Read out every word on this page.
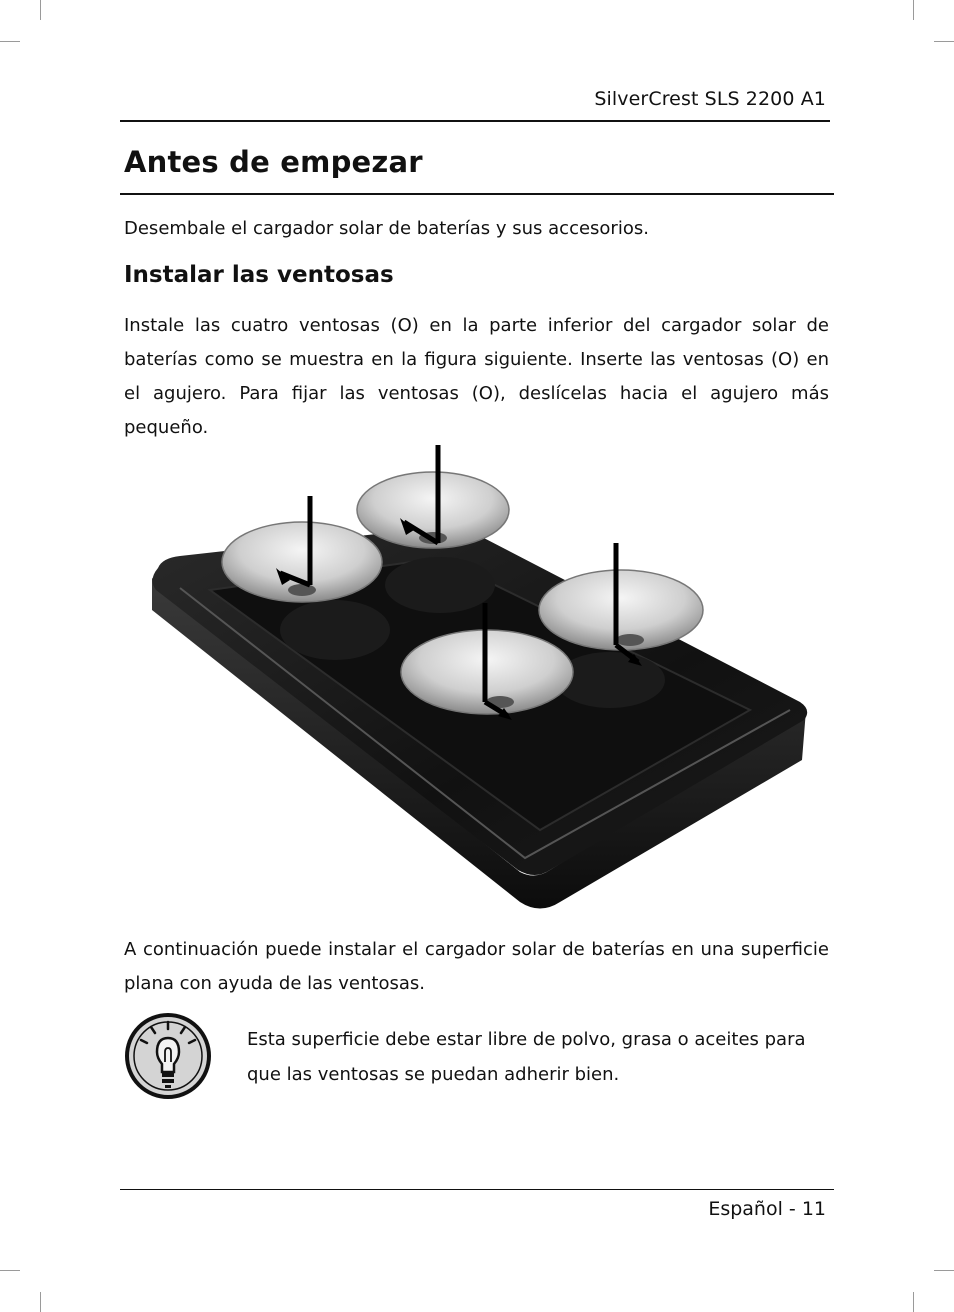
SilverCrest SLS 2200 A1
Antes de empezar
Desembale el cargador solar de baterías y sus accesorios.
Instalar las ventosas
Instale las cuatro ventosas (O) en la parte inferior del cargador solar de baterías como se muestra en la figura siguiente. Inserte las ventosas (O) en el agujero. Para fijar las ventosas (O), deslícelas hacia el agujero más pequeño.
A continuación puede instalar el cargador solar de baterías en una superficie plana con ayuda de las ventosas.
Esta superficie debe estar libre de polvo, grasa o aceites para que las ventosas se puedan adherir bien.
Español - 11
